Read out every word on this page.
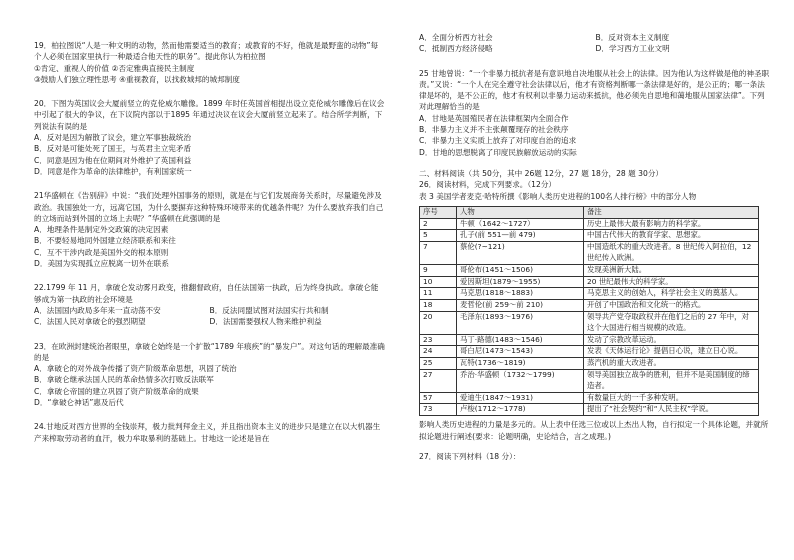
19．柏拉图说“人是一种文明的动物，然而他需要适当的教育；或教育的不好，他就是最野蛮的动物”每个人必须在国家里执行一种最适合他天性的职务”。提此你认为柏拉图

①肯定、重视人的价值 ②否定雅典直接民主制度

③鼓励人们独立理性思考 ④重视教育，以找救城邦的城邦制度

20．下图为英国议会大厦前竖立的克伦威尔雕像。1899 年时任英国首相提出设立克伦威尔雕像后在议会中引起了很大的争议，在下议院内部以于1895 年通过决议在议会大厦前竖立起来了。结合所学判断，下列说法有误的是

A．反对是因为解散了议会，建立军事独裁统治

B．反对是可能处死了国王，与英君主立宪矛盾

C．同意是因为他在位期间对外维护了英国利益

D．同意是作为革命的法律维护，有利国家统一

21华盛顿在《告别辞》中说：“我们处理外国事务的原则，就是在与它们发展商务关系时，尽量避免涉及政治。我国独处一方，远离它国，为什么要摒弃这种特殊环境带来的优越条件呢？为什么要放弃我们自己的立场而站到外国的立场上去呢？”华盛顿在此强调的是

A．地理条件是制定外交政策的决定因素

B．不要轻易地同外国建立经济联系和来往

C．互不干涉内政是美国外交的根本原则

D．美国为实现孤立应脱离一切外在联系

22.1799 年 11 月，拿破仑发动雾月政变，推翻督政府，自任法国第一执政，后为终身执政。拿破仑能够成为第一执政的社会环境是

A．法国国内政局多年来一直动荡不安	B．反法同盟试图对法国实行共和制

C．法国人民对拿破仑的强烈期望	D．法国需要强权人物来维护利益

23．在欧洲封建统治者眼里，拿破仑始终是一个扩散“1789 年痕疾”的“暴发户”。对这句话的理解最准确的是

A．拿破仑的对外战争传播了资产阶级革命思想，巩固了统治

B．拿破仑继承法国人民的革命热情多次打败反法联军

C．拿破仑帝国的建立巩固了资产阶级革命的成果

D．“拿破仑神话”惠及后代

24.甘地反对西方世界的全钱崇拜，极力批判拜金主义，并且指出资本主义的进步只是建立在以大机器生产来榨取劳动者的血汗，极力牟取暴利的基础上。甘地这一论述是旨在

A．全面分析西方社会	B．反对资本主义制度

C．抵制西方经济侵略	D．学习西方工业文明

25 甘地曾说：“一个非暴力抵抗者是有意识地自决地服从社会上的法律。因为他认为这样做是他的神圣职 责。”又说：“一个人在完全遵守社会法律以后，他才有资格判断哪一条法律是好的，是公正的；哪一条法律是坏的，是不公正的，他才有权利以非暴力运动来抵抗，他必须先自思地和蔼地服从国家法律”。下列对此理解恰当的是

A．甘地是英国殖民者在法律框架内全面合作

B．非暴力主义并不主张颠覆现存的社会秩序

C．非暴力主义实质上放弃了对印度自治的追求

D．甘地的思想脱离了印度民族解放运动的实际

二、材料阅读（共 50分，其中 26题 12分，27 题 18分，28 题 30分）

26．阅读材料，完成下列要求。（12分）

表 3 美国学者麦克·哈特所撰《影响人类历史进程的100名人排行榜》中的部分人物

序号	人物	备注
2	牛顿（1642～1727）	历史上最伟大最有影响力的科学家。
5	孔子(前 551—前 479)	中国古代伟大的教育学家、思想家。
7	蔡伦(?~121)	中国造纸术的重大改进者。8 世纪传入阿拉伯，12 世纪传入欧洲。
9	哥伦布(1451～1506)	发现美洲新大陆。
10	爱因斯坦(1879～1955)	20 世纪最伟大的科学家。
11	马克思(1818～1883)	马克思主义的创始人，科学社会主义的奠基人。
18	麦哲伦(前 259～前 210)	开创了中国政治和文化统一的格式。
20	毛泽东(1893～1976)	领导共产党夺取政权并在他们之后的 27 年中，对这个大国进行相当规模的改造。
23	马丁·路德(1483～1546)	发动了宗教改革运动。
24	哥白尼(1473～1543)	发表《天体运行论》提倡日心说，建立日心说。
25	瓦特(1736～1819)	蒸汽机的重大改进者。
27	乔治·华盛顿（1732～1799)	领导美国独立战争的胜利，但并不是美国制度的缔造者。
57	爱迪生(1847～1931)	有数量巨大的一千多种发明。
73	卢梭(1712～1778)	提出了“社会契约”和“人民主权”学说。

影响人类历史进程的力量是多元的。从上表中任选三位或以上杰出人物，自行拟定一个具体论题，并就所拟论题进行阐述(要求：论题明确，史论结合，言之成理。)

27．阅读下列材料（18 分）：
